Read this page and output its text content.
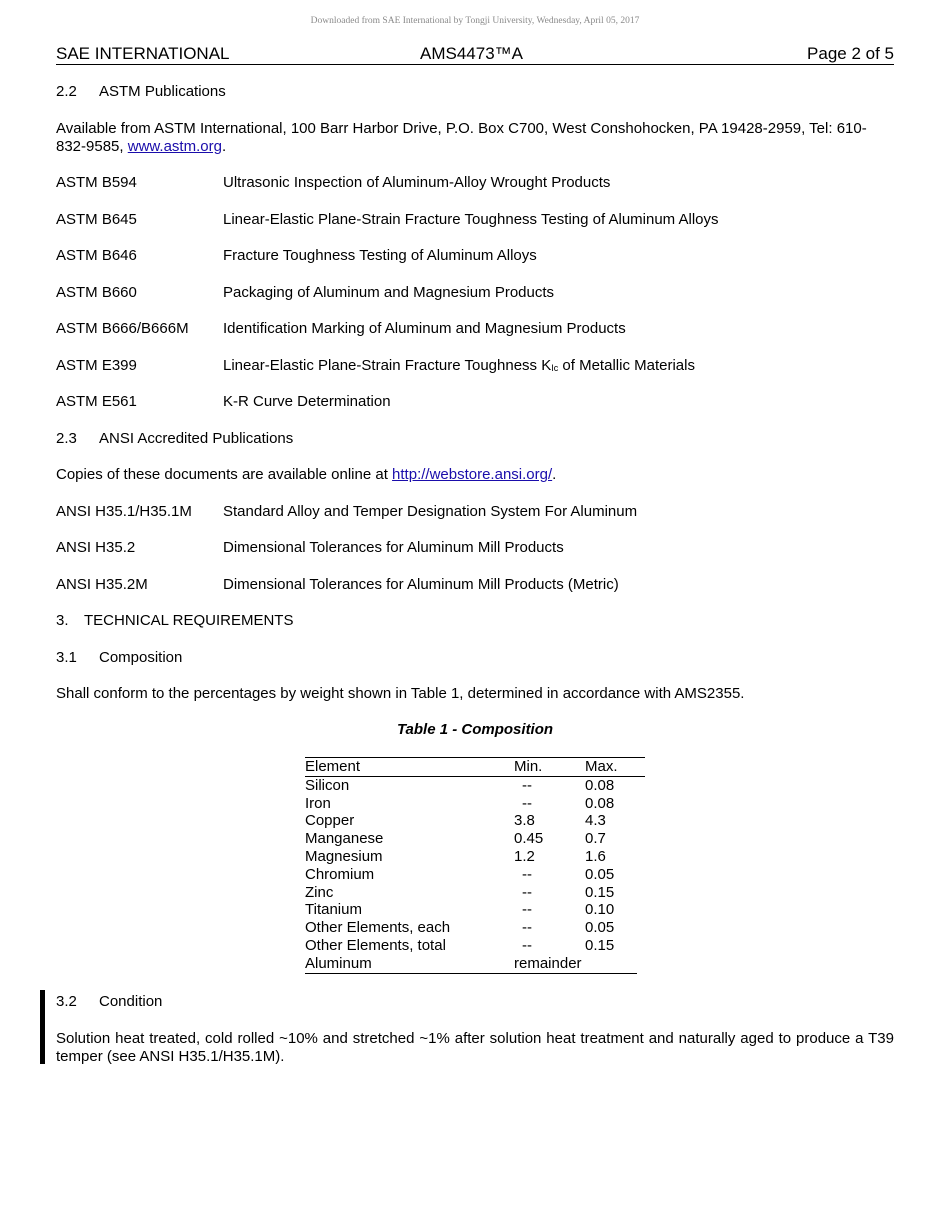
Downloaded from SAE International by Tongji University, Wednesday, April 05, 2017
SAE INTERNATIONAL	AMS4473™A	Page 2 of 5
2.2 ASTM Publications
Available from ASTM International, 100 Barr Harbor Drive, P.O. Box C700, West Conshohocken, PA 19428-2959, Tel: 610-832-9585, www.astm.org.
ASTM B594	Ultrasonic Inspection of Aluminum-Alloy Wrought Products
ASTM B645	Linear-Elastic Plane-Strain Fracture Toughness Testing of Aluminum Alloys
ASTM B646	Fracture Toughness Testing of Aluminum Alloys
ASTM B660	Packaging of Aluminum and Magnesium Products
ASTM B666/B666M Identification Marking of Aluminum and Magnesium Products
ASTM E399	Linear-Elastic Plane-Strain Fracture Toughness KIc of Metallic Materials
ASTM E561	K-R Curve Determination
2.3 ANSI Accredited Publications
Copies of these documents are available online at http://webstore.ansi.org/.
ANSI H35.1/H35.1M Standard Alloy and Temper Designation System For Aluminum
ANSI H35.2	Dimensional Tolerances for Aluminum Mill Products
ANSI H35.2M	Dimensional Tolerances for Aluminum Mill Products (Metric)
3. TECHNICAL REQUIREMENTS
3.1 Composition
Shall conform to the percentages by weight shown in Table 1, determined in accordance with AMS2355.
Table 1 - Composition
Element	Min.	Max.
Silicon	--	0.08
Iron	--	0.08
Copper	3.8	4.3
Manganese	0.45	0.7
Magnesium	1.2	1.6
Chromium	--	0.05
Zinc	--	0.15
Titanium	--	0.10
Other Elements, each	--	0.05
Other Elements, total	--	0.15
Aluminum	remainder
3.2 Condition
Solution heat treated, cold rolled ~10% and stretched ~1% after solution heat treatment and naturally aged to produce a T39 temper (see ANSI H35.1/H35.1M).
